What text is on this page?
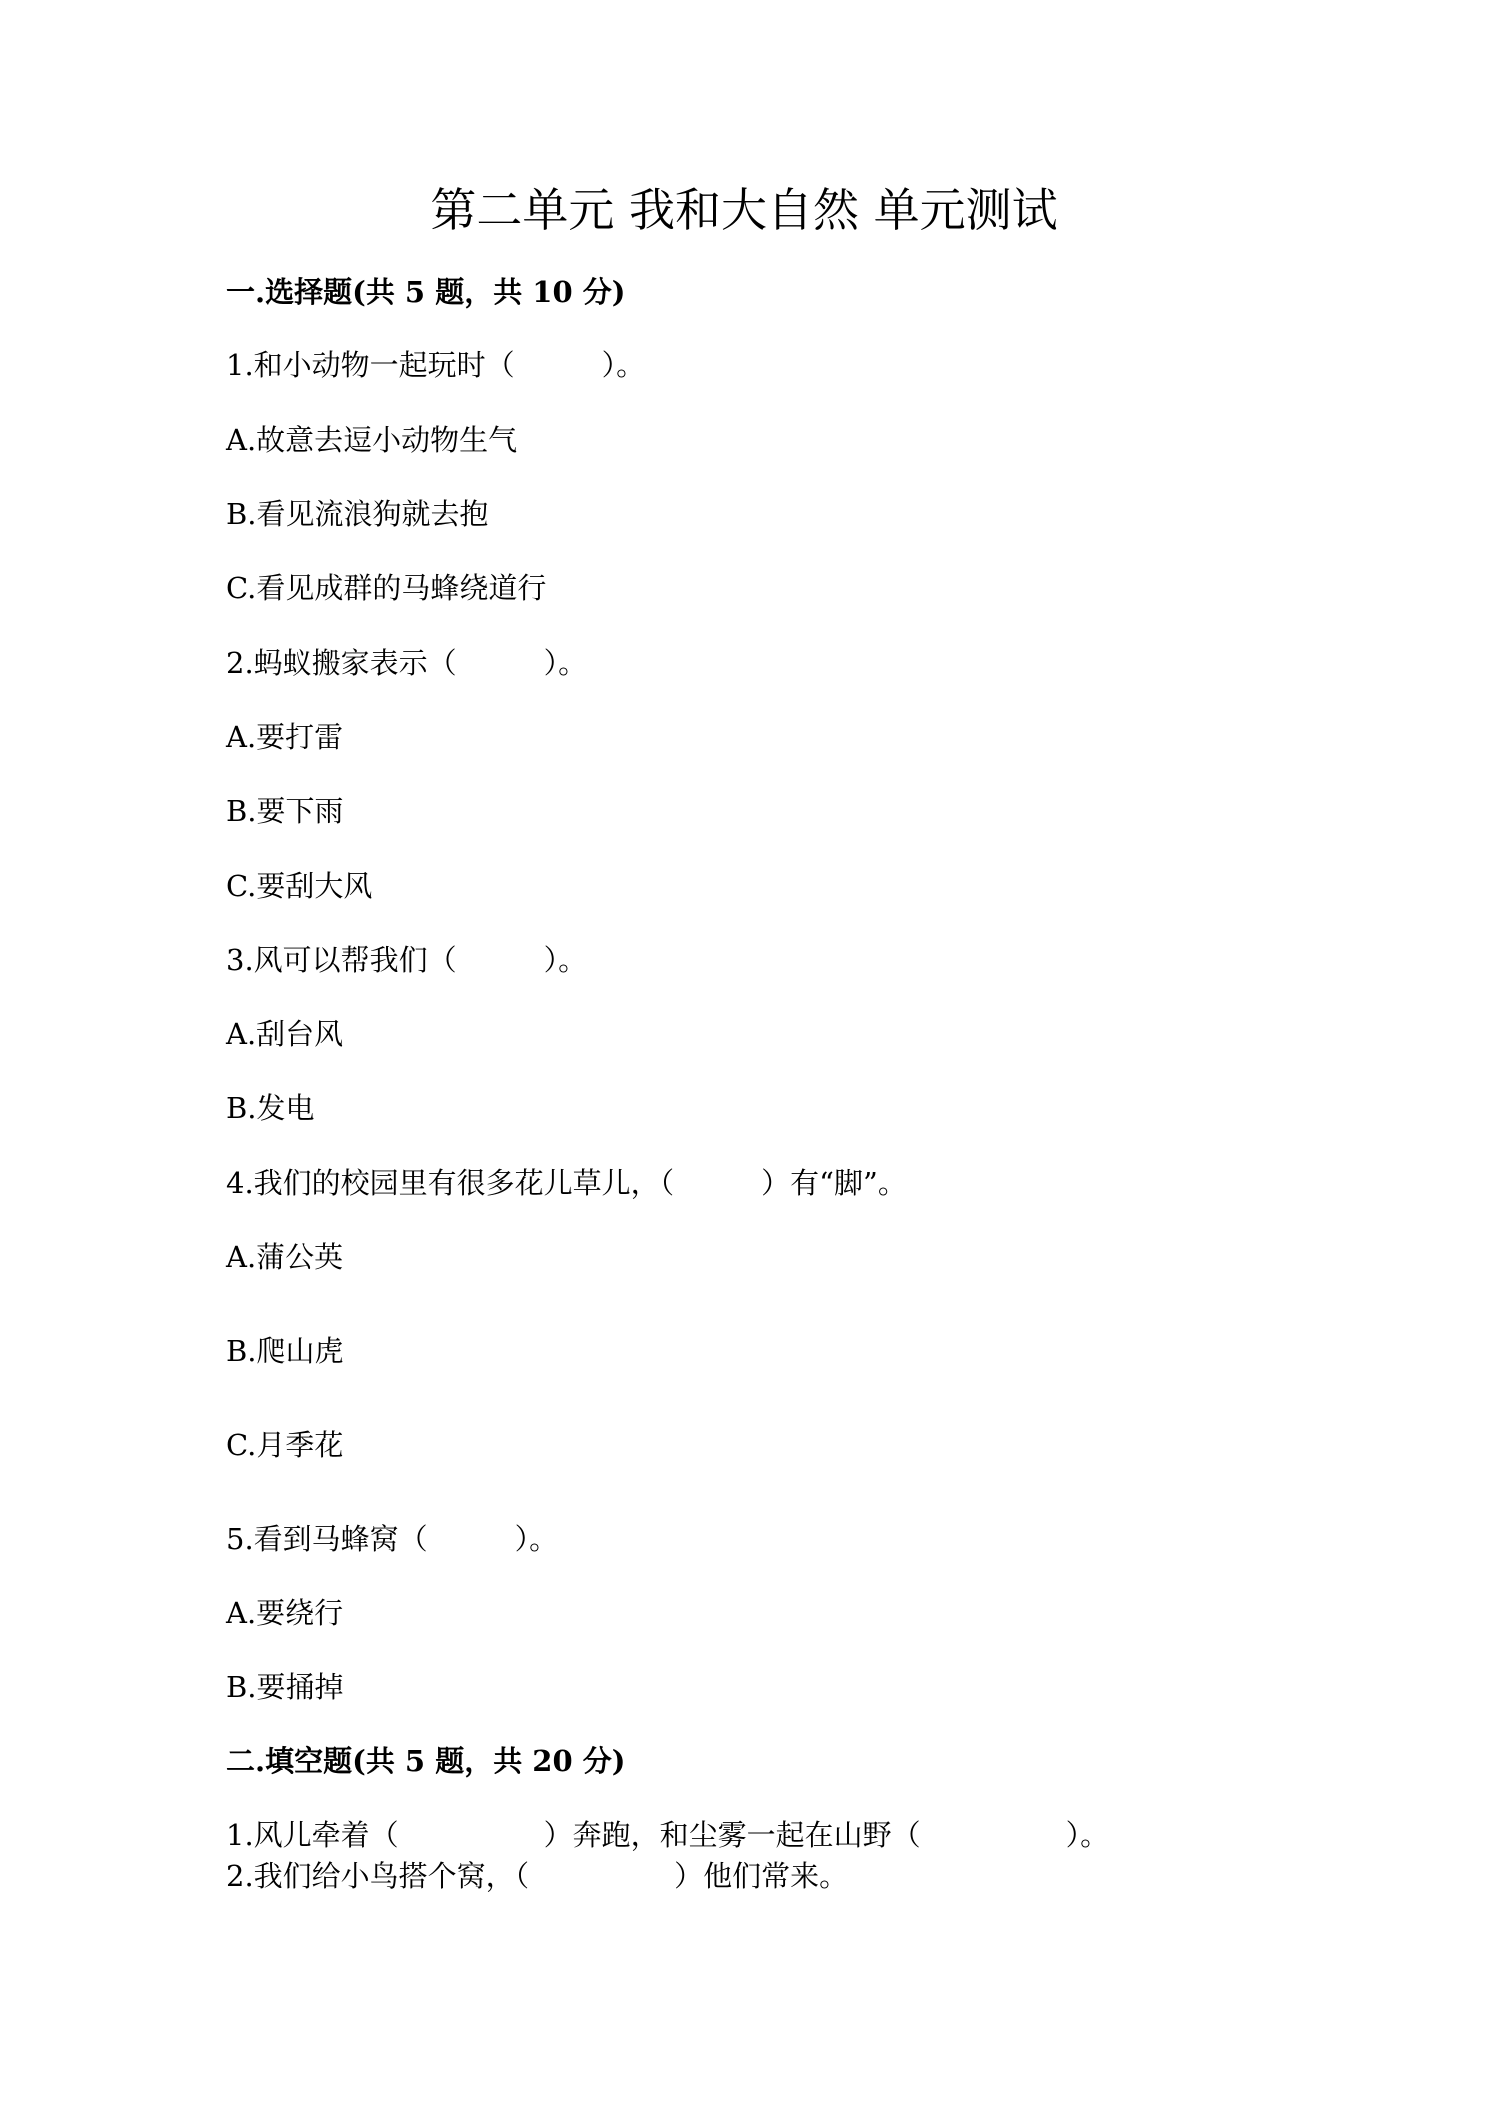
第二单元 我和大自然 单元测试
一.选择题(共 5 题，共 10 分)
1.和小动物一起玩时（　　　）。
A.故意去逗小动物生气
B.看见流浪狗就去抱
C.看见成群的马蜂绕道行
2.蚂蚁搬家表示（　　　）。
A.要打雷
B.要下雨
C.要刮大风
3.风可以帮我们（　　　）。
A.刮台风
B.发电
4.我们的校园里有很多花儿草儿，（　　　）有“脚”。
A.蒲公英
B.爬山虎
C.月季花
5.看到马蜂窝（　　　）。
A.要绕行
B.要捅掉
二.填空题(共 5 题，共 20 分)
1.风儿牵着（　　　　　）奔跑，和尘雾一起在山野（　　　　　）。
2.我们给小鸟搭个窝，（　　　　　）他们常来。
